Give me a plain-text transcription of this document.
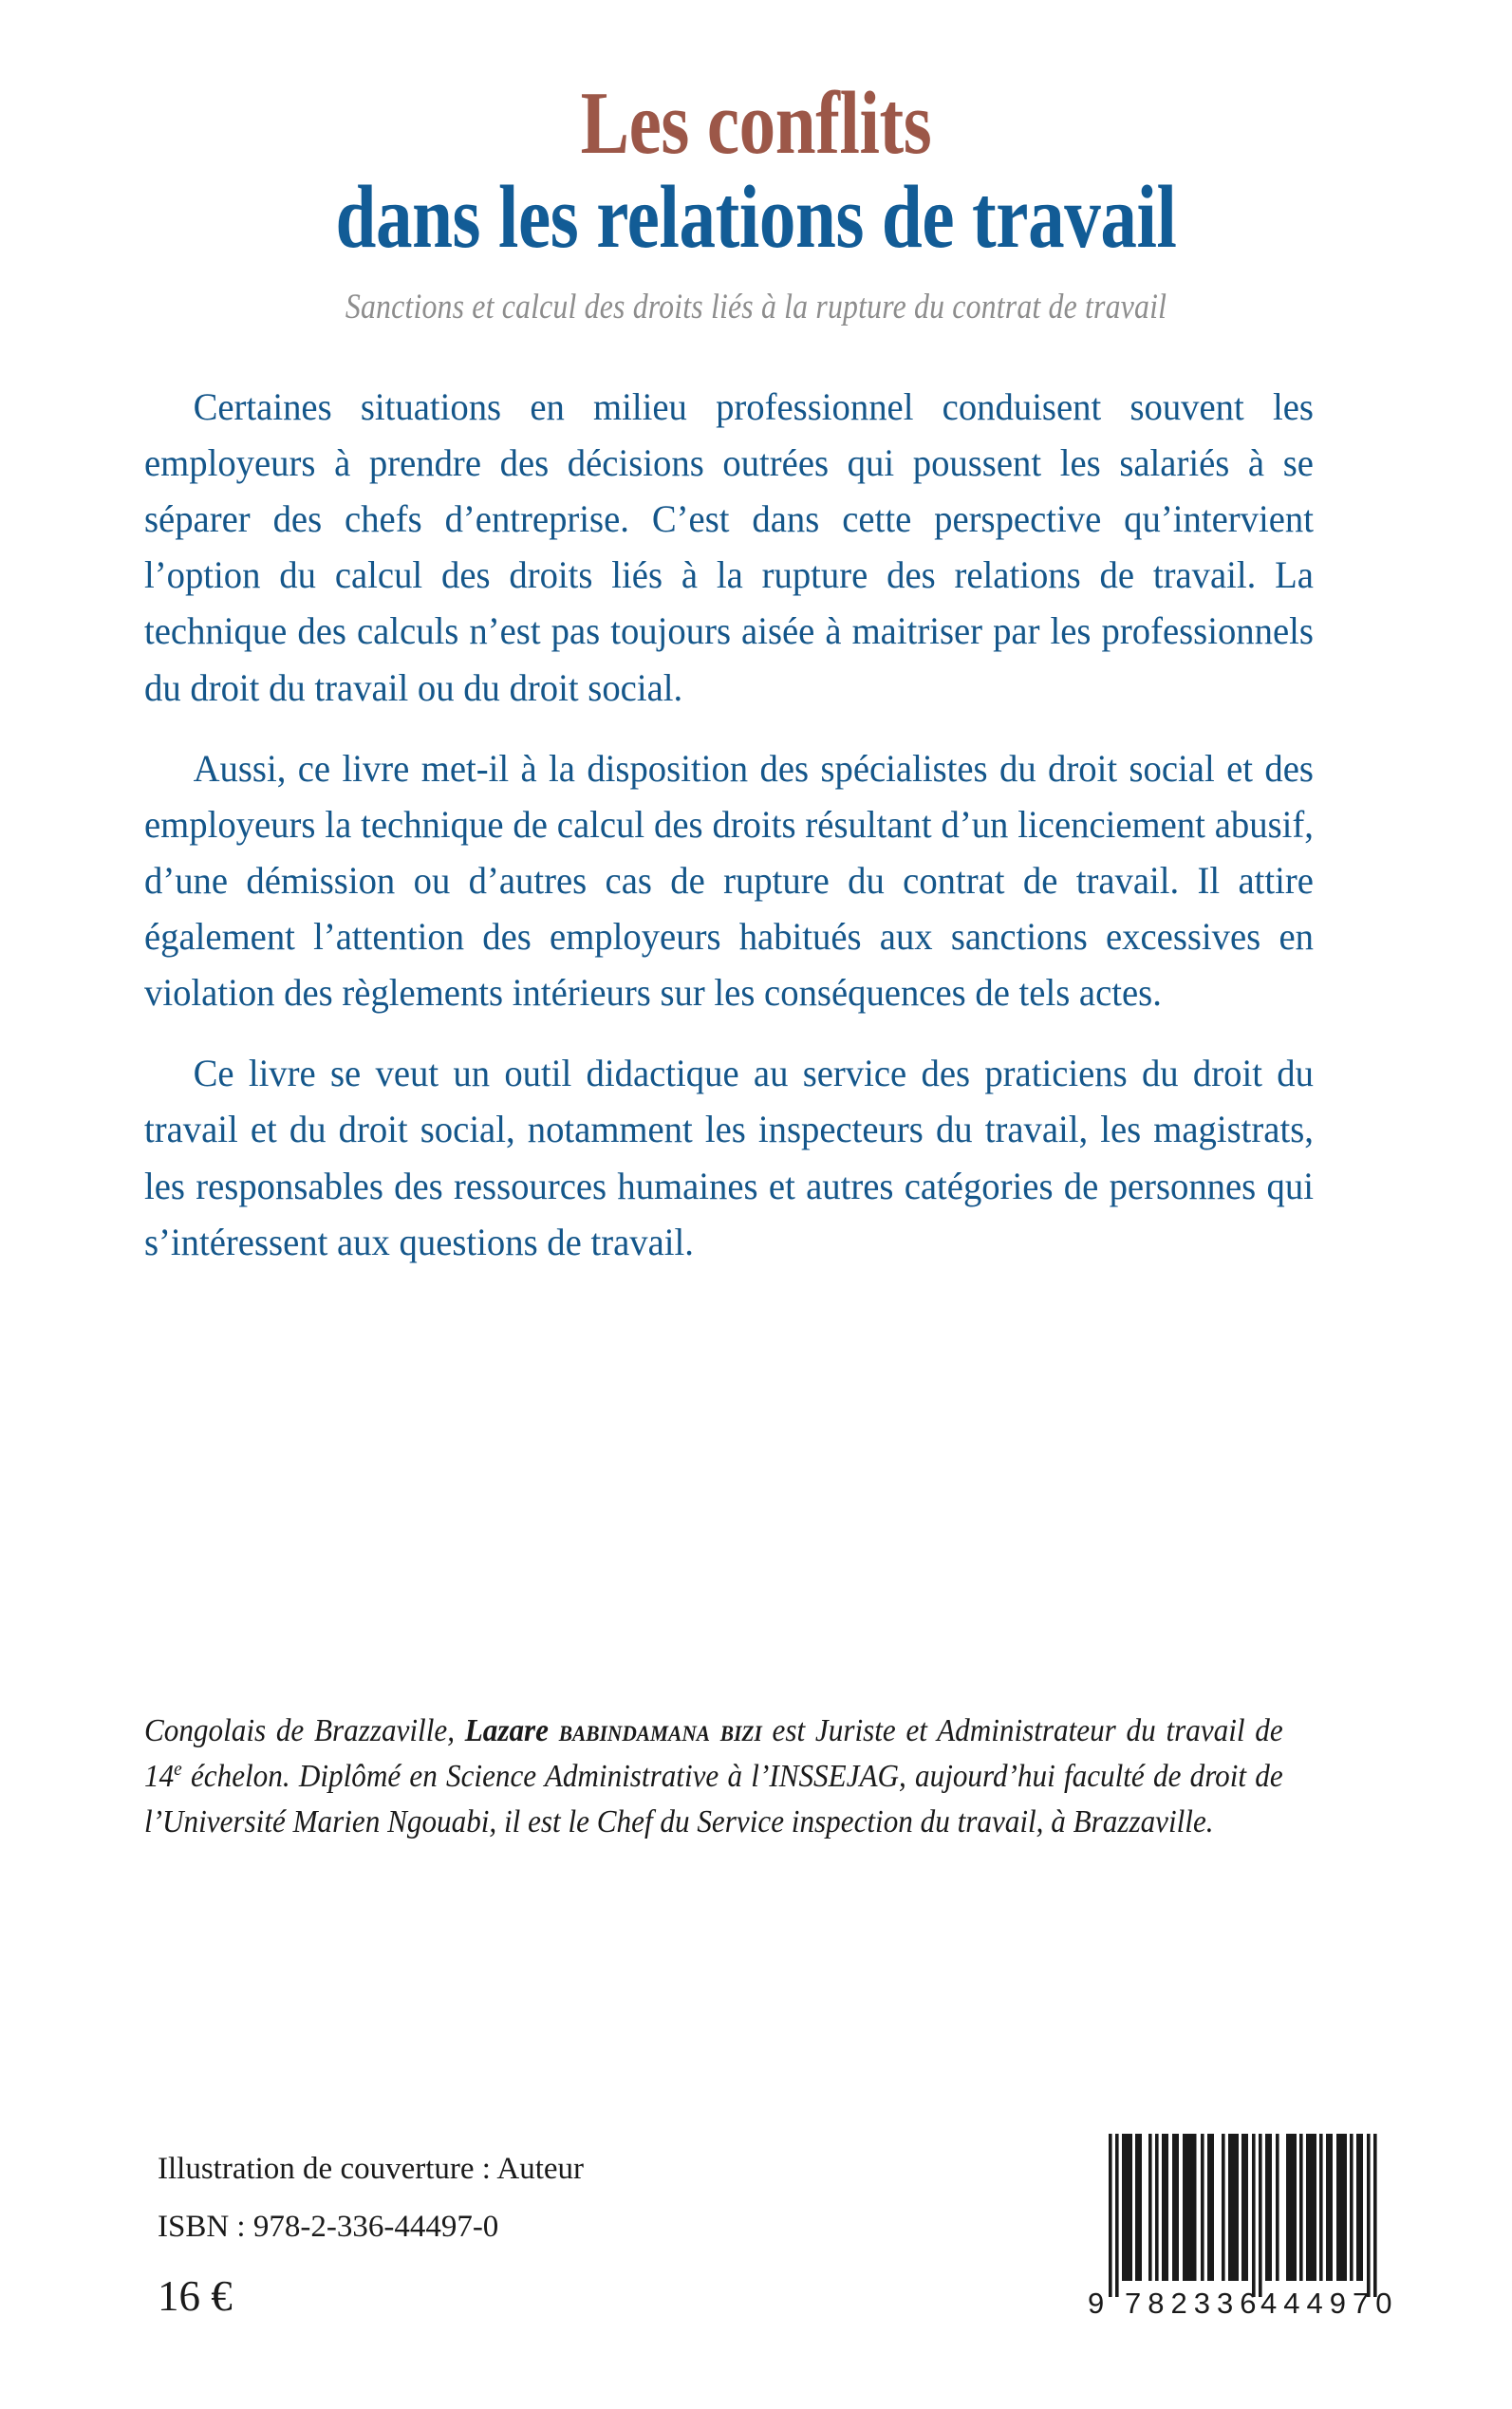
Les conflits
dans les relations de travail
Sanctions et calcul des droits liés à la rupture du contrat de travail

Certaines situations en milieu professionnel conduisent souvent les employeurs à prendre des décisions outrées qui poussent les salariés à se séparer des chefs d’entreprise. C’est dans cette perspective qu’intervient l’option du calcul des droits liés à la rupture des relations de travail. La technique des calculs n’est pas toujours aisée à maitriser par les professionnels du droit du travail ou du droit social.

Aussi, ce livre met-il à la disposition des spécialistes du droit social et des employeurs la technique de calcul des droits résultant d’un licenciement abusif, d’une démission ou d’autres cas de rupture du contrat de travail. Il attire également l’attention des employeurs habitués aux sanctions excessives en violation des règlements intérieurs sur les conséquences de tels actes.

Ce livre se veut un outil didactique au service des praticiens du droit du travail et du droit social, notamment les inspecteurs du travail, les magistrats, les responsables des ressources humaines et autres catégories de personnes qui s’intéressent aux questions de travail.

Congolais de Brazzaville, Lazare babindamana bizi est Juriste et Administrateur du travail de 14e échelon. Diplômé en Science Administrative à l’INSSEJAG, aujourd’hui faculté de droit de l’Université Marien Ngouabi, il est le Chef du Service inspection du travail, à Brazzaville.

Illustration de couverture : Auteur
ISBN : 978-2-336-44497-0
16 €	9 782336
444970
